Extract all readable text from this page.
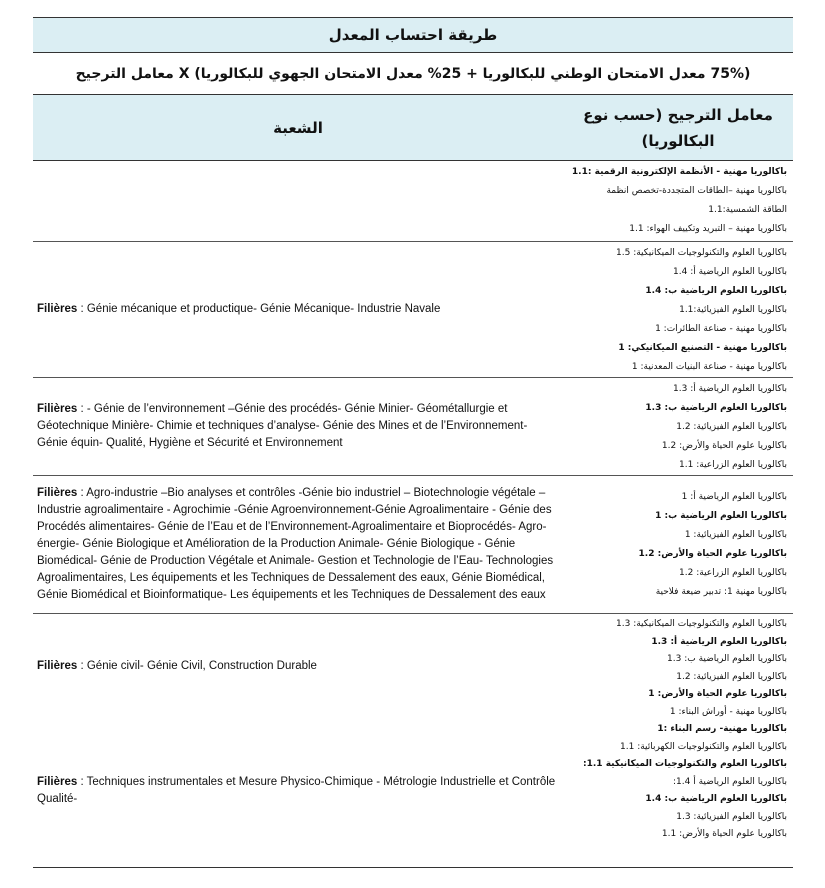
طريقة احتساب المعدل
(75% معدل الامتحان الوطني للبكالوريا + 25% معدل الامتحان الجهوي للبكالوريا) X معامل الترجيح
الشعبة
معامل الترجيح (حسب نوع البكالوريا)
باكالوريا مهنية - الأنظمة الإلكترونية الرقمية :1.1
باكالوريا مهنية –الطاقات المتجددة-تخصص انظمة
الطاقة الشمسية:1.1
باكالوريا مهنية – التبريد وتكييف الهواء: 1.1
Filières : Génie mécanique et productique- Génie Mécanique- Industrie Navale
باكالوريا العلوم والتكنولوجيات الميكانيكية: 1.5
باكالوريا العلوم الرياضية أ: 1.4
باكالوريا العلوم الرياضية ب: 1.4
باكالوريا العلوم الفيزيائية:1.1
باكالوريا مهنية - صناعة الطائرات: 1
باكالوريا مهنية - التصنيع الميكانيكي: 1
باكالوريا مهنية - صناعة البنيات المعدنية: 1
Filières : - Génie de l’environnement –Génie des procédés- Génie Minier- Géométallurgie et Géotechnique Minière- Chimie et techniques d’analyse- Génie des Mines et de l’Environnement- Génie équin- Qualité, Hygiène et Sécurité et Environnement
باكالوريا العلوم الرياضية أ: 1.3
باكالوريا العلوم الرياضية ب: 1.3
باكالوريا العلوم الفيزيائية: 1.2
باكالوريا علوم الحياة والأرض: 1.2
باكالوريا العلوم الزراعية: 1.1
Filières : Agro-industrie –Bio analyses et contrôles -Génie bio industriel – Biotechnologie végétale – Industrie agroalimentaire - Agrochimie -Génie Agroenvironnement-Génie Agroalimentaire - Génie des Procédés alimentaires- Génie de l’Eau et de l’Environnement-Agroalimentaire et Bioprocédés- Agro-énergie- Génie Biologique et Amélioration de la Production Animale- Génie Biologique - Génie Biomédical- Génie de Production Végétale et Animale- Gestion et Technologie de l’Eau- Technologies Agroalimentaires, Les équipements et les Techniques de Dessalement des eaux, Génie Biomédical, Génie Biomédical et Bioinformatique- Les équipements et les Techniques de Dessalement des eaux
باكالوريا العلوم الرياضية أ: 1
باكالوريا العلوم الرياضية ب: 1
باكالوريا العلوم الفيزيائية: 1
باكالوريا علوم الحياة والأرض: 1.2
باكالوريا العلوم الزراعية: 1.2
باكالوريا مهنية 1: تدبير ضيعة فلاحية
Filières : Génie civil- Génie Civil, Construction Durable
Filières : Techniques instrumentales et Mesure Physico-Chimique - Métrologie Industrielle et Contrôle Qualité-
باكالوريا العلوم والتكنولوجيات الميكانيكية: 1.3
باكالوريا العلوم الرياضية أ: 1.3
باكالوريا العلوم الرياضية ب: 1.3
باكالوريا العلوم الفيزيائية: 1.2
باكالوريا علوم الحياة والأرض: 1
باكالوريا مهنية - أوراش البناء: 1
باكالوريا مهنية- رسم البناء :1
باكالوريا العلوم والتكنولوجيات الكهربائية: 1.1
باكالوريا العلوم والتكنولوجيات الميكانيكية 1.1:
باكالوريا العلوم الرياضية أ 1.4:
باكالوريا العلوم الرياضية ب: 1.4
باكالوريا العلوم الفيزيائية: 1.3
باكالوريا علوم الحياة والأرض: 1.1
